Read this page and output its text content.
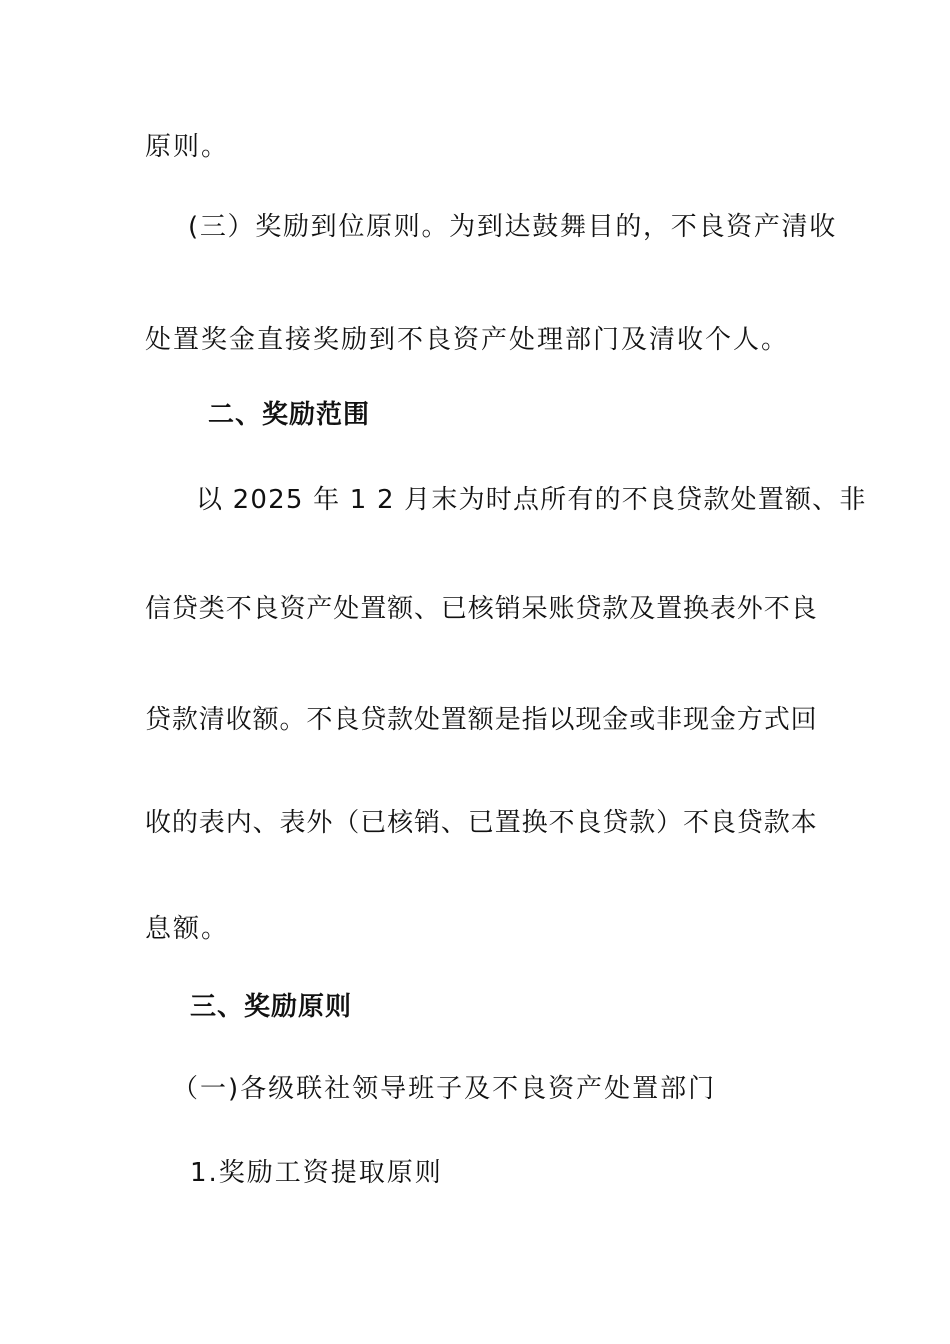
原则。
(三）奖励到位原则。为到达鼓舞目的，不良资产清收
处置奖金直接奖励到不良资产处理部门及清收个人。
二、奖励范围
以 2025 年 1 2 月末为时点所有的不良贷款处置额、非
信贷类不良资产处置额、已核销呆账贷款及置换表外不良
贷款清收额。不良贷款处置额是指以现金或非现金方式回
收的表内、表外（已核销、已置换不良贷款）不良贷款本
息额。
三、奖励原则
（一)各级联社领导班子及不良资产处置部门
1.奖励工资提取原则
